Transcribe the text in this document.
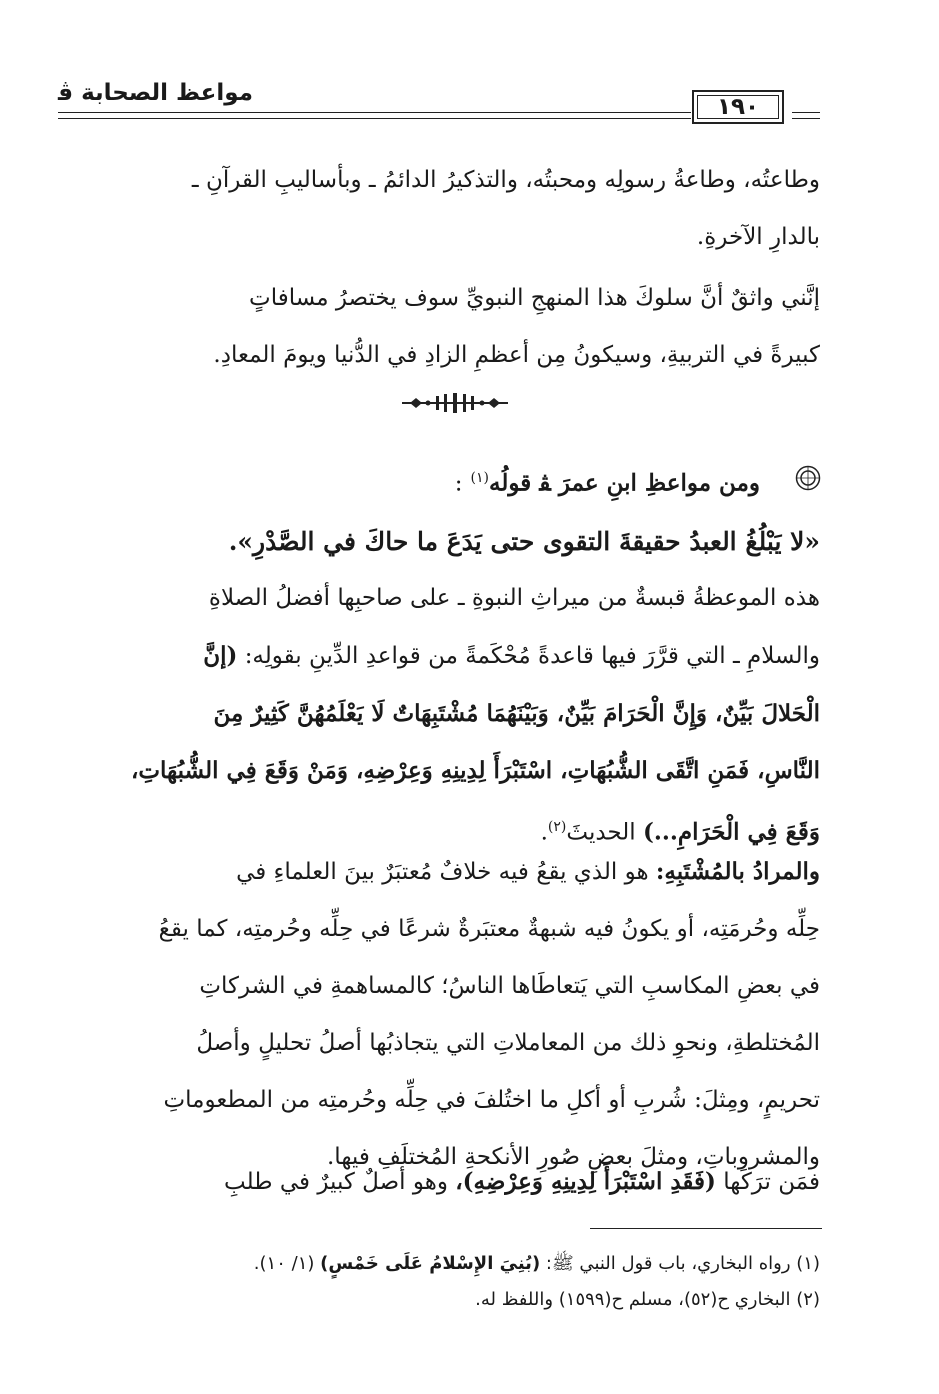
مواعظ الصحابة ﭬ
١٩٠
وطاعتُه، وطاعةُ رسولِه ومحبتُه، والتذكيرُ الدائمُ ـ وبأساليبِ القرآنِ ـ
بالدارِ الآخرةِ.
إنَّني واثقٌ أنَّ سلوكَ هذا المنهجِ النبويِّ سوف يختصرُ مسافاتٍ
كبيرةً في التربيةِ، وسيكونُ مِن أعظمِ الزادِ في الدُّنيا ويومَ المعادِ.
ومن مواعظِ ابنِ عمرَ ﭭ قولُه$^{(١)}$ :
«لا يَبْلُغُ العبدُ حقيقةَ التقوى حتى يَدَعَ ما حاكَ في الصَّدْرِ».
هذه الموعظةُ قبسةٌ من ميراثِ النبوةِ ـ على صاحبِها أفضلُ الصلاةِ
والسلامِ ـ التي قرَّرَ فيها قاعدةً مُحْكَمةً من قواعدِ الدِّينِ بقولِه: (إنَّ
الْحَلالَ بَيِّنٌ، وَإِنَّ الْحَرَامَ بَيِّنٌ، وَبَيْنَهُمَا مُشْتَبِهَاتٌ لَا يَعْلَمُهُنَّ كَثِيرٌ مِنَ
النَّاسِ، فَمَنِ اتَّقَى الشُّبُهَاتِ، اسْتَبْرَأَ لِدِينِهِ وَعِرْضِهِ، وَمَنْ وَقَعَ فِي الشُّبُهَاتِ،
وَقَعَ فِي الْحَرَامِ...) الحديثَ$^{(٢)}$.
والمرادُ بالمُشْتَبِهِ: هو الذي يقعُ فيه خلافٌ مُعتبَرٌ بينَ العلماءِ في
حِلِّه وحُرمَتِه، أو يكونُ فيه شبهةٌ معتبَرةٌ شرعًا في حِلِّه وحُرمتِه، كما يقعُ
في بعضِ المكاسبِ التي يَتعاطَاها الناسُ؛ كالمساهمةِ في الشركاتِ
المُختلطةِ، ونحوِ ذلك من المعاملاتِ التي يتجاذبُها أصلُ تحليلٍ وأصلُ
تحريمٍ، ومِثلَ: شُربِ أو أكلِ ما اختُلفَ في حِلِّه وحُرمتِه من المطعوماتِ
والمشروباتِ، ومثلَ بعضِ صُورِ الأنكحةِ المُختلَفِ فيها.
فمَن ترَكَها (فَقَدِ اسْتَبْرَأَ لِدِينِهِ وَعِرْضِهِ)، وهو أصلٌ كبيرٌ في طلبِ
(١) رواه البخاري، باب قول النبي ﷺ: (بُنِيَ الإِسْلامُ عَلَى خَمْسٍ) (١/ ١٠).
(٢) البخاري ح(٥٢)، مسلم ح(١٥٩٩) واللفظ له.
